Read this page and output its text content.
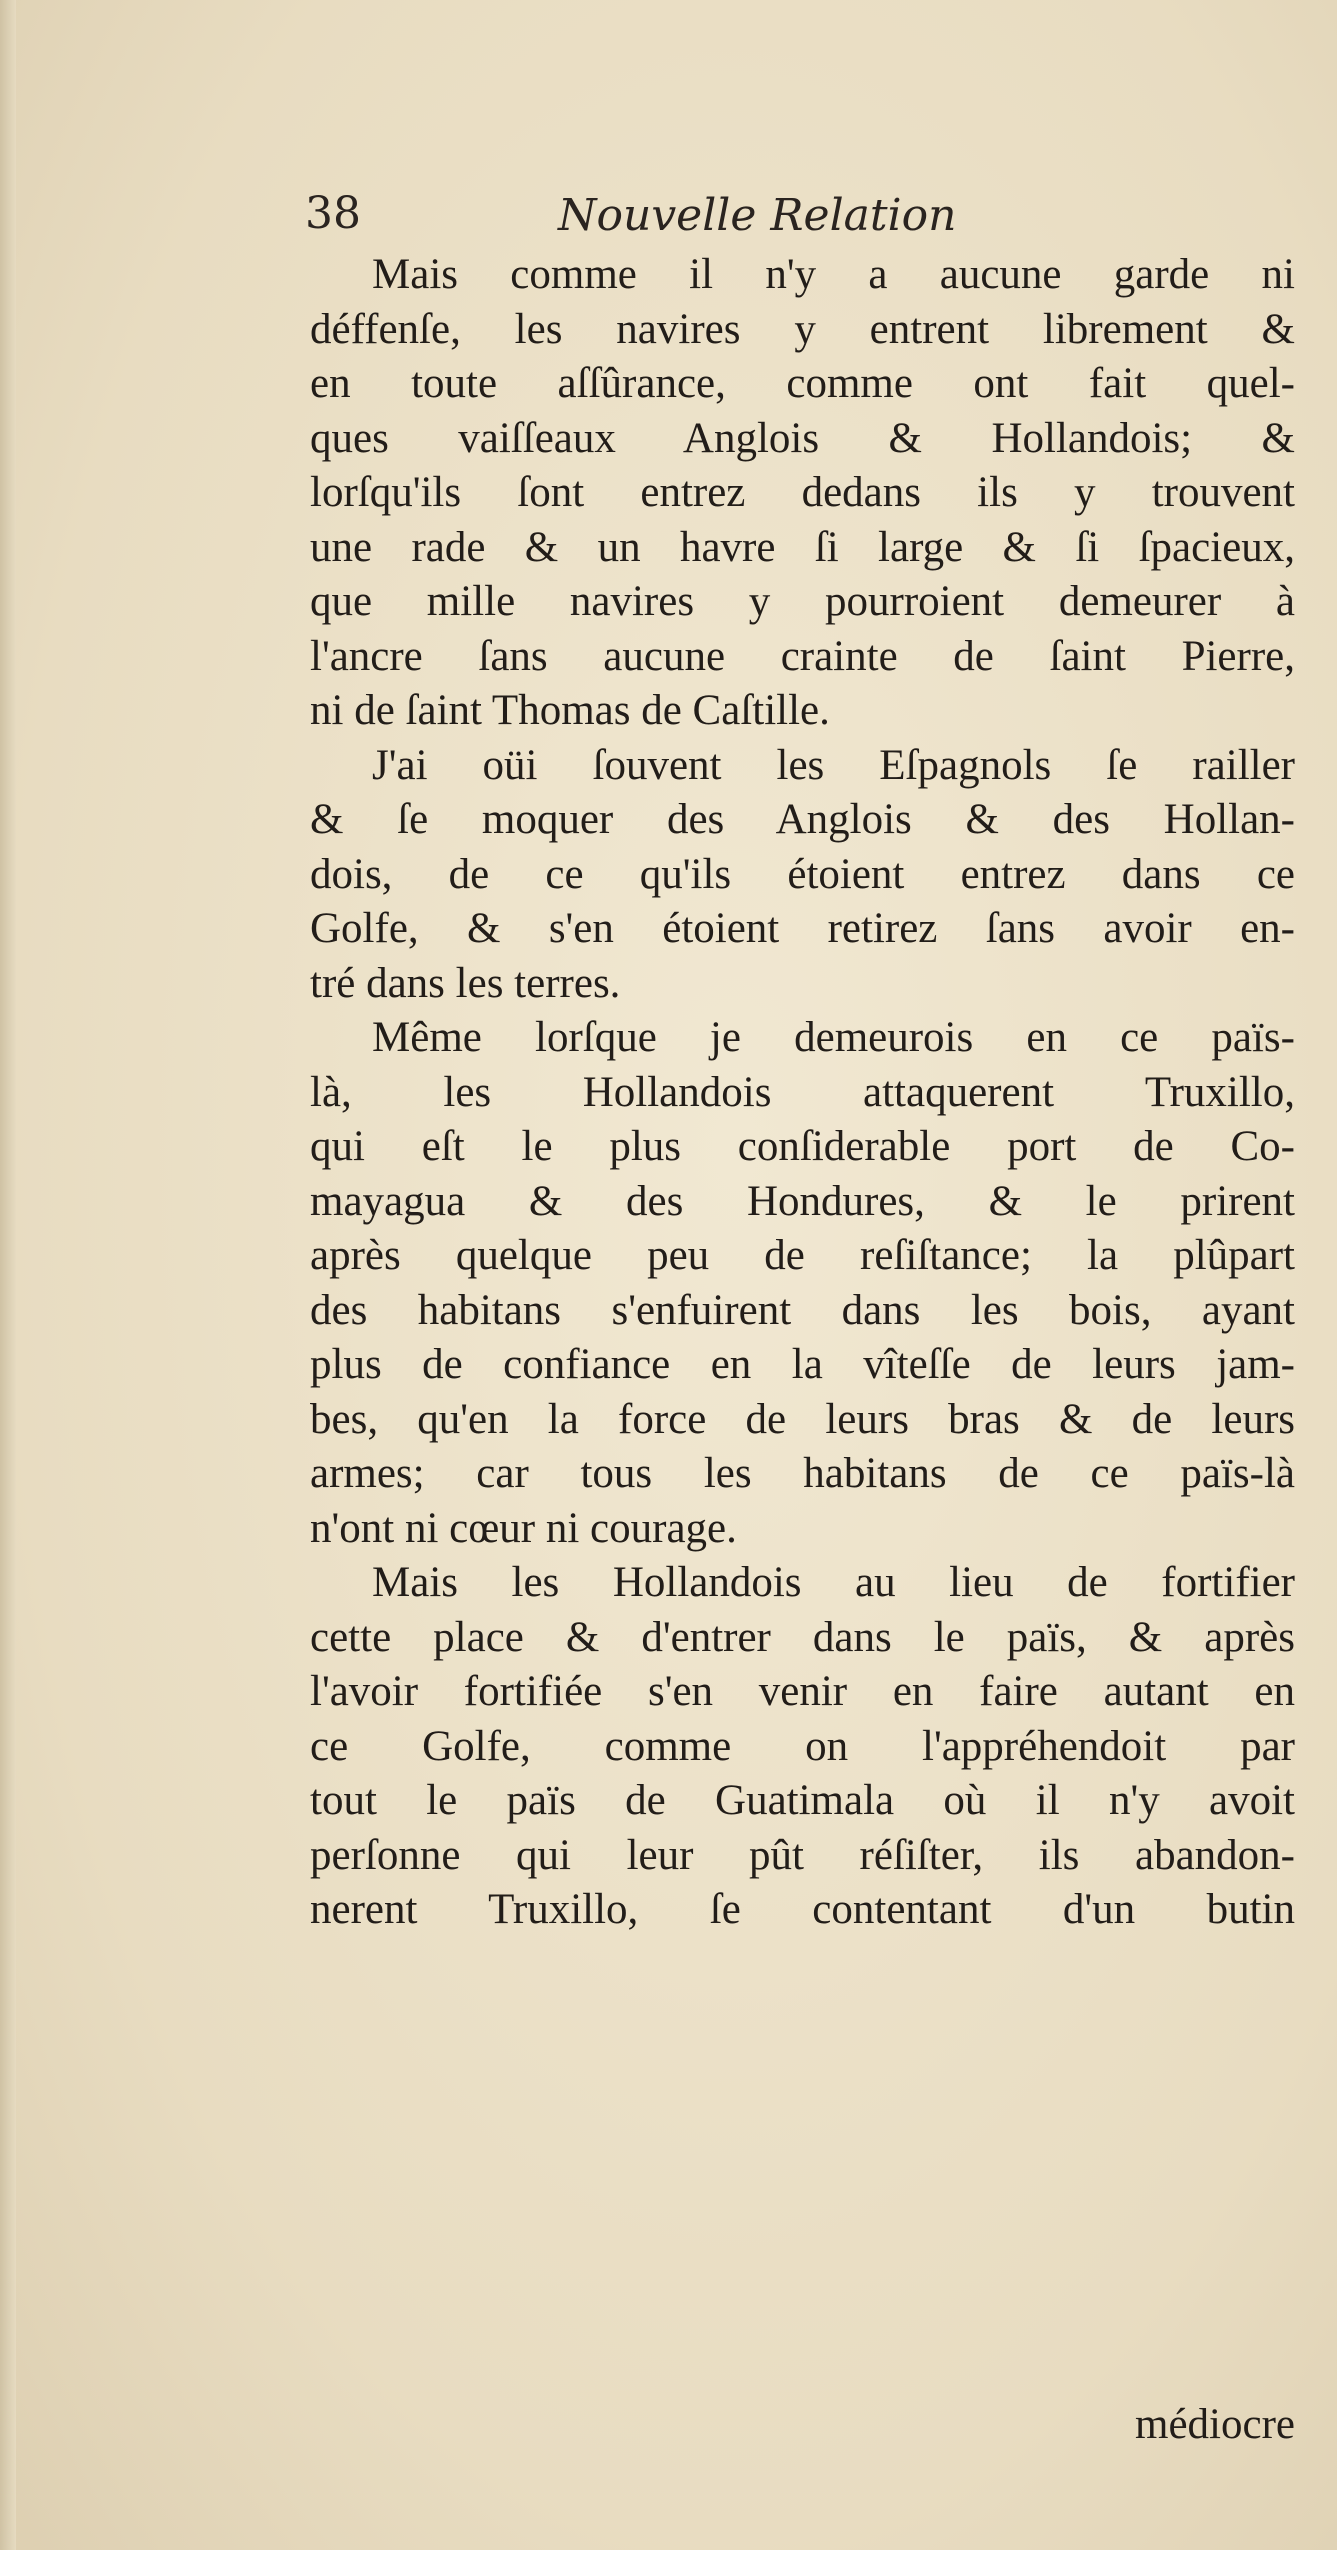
38	Nouvelle Relation
Mais comme il n'y a aucune garde ni
déffenſe, les navires y entrent librement &
en toute aſſûrance, comme ont fait quel-
ques vaiſſeaux Anglois & Hollandois; &
lorſqu'ils ſont entrez dedans ils y trouvent
une rade & un havre ſi large & ſi ſpacieux,
que mille navires y pourroient demeurer à
l'ancre ſans aucune crainte de ſaint Pierre,
ni de ſaint Thomas de Caſtille.
J'ai oüi ſouvent les Eſpagnols ſe railler
& ſe moquer des Anglois & des Hollan-
dois, de ce qu'ils étoient entrez dans ce
Golfe, & s'en étoient retirez ſans avoir en-
tré dans les terres.
Même lorſque je demeurois en ce païs-
là, les Hollandois attaquerent Truxillo,
qui eſt le plus conſiderable port de Co-
mayagua & des Hondures, & le prirent
après quelque peu de reſiſtance; la plûpart
des habitans s'enfuirent dans les bois, ayant
plus de confiance en la vîteſſe de leurs jam-
bes, qu'en la force de leurs bras & de leurs
armes; car tous les habitans de ce païs-là
n'ont ni cœur ni courage.
Mais les Hollandois au lieu de fortifier
cette place & d'entrer dans le païs, & après
l'avoir fortifiée s'en venir en faire autant en
ce Golfe, comme on l'appréhendoit par
tout le païs de Guatimala où il n'y avoit
perſonne qui leur pût réſiſter, ils abandon-
nerent Truxillo, ſe contentant d'un butin
médiocre
